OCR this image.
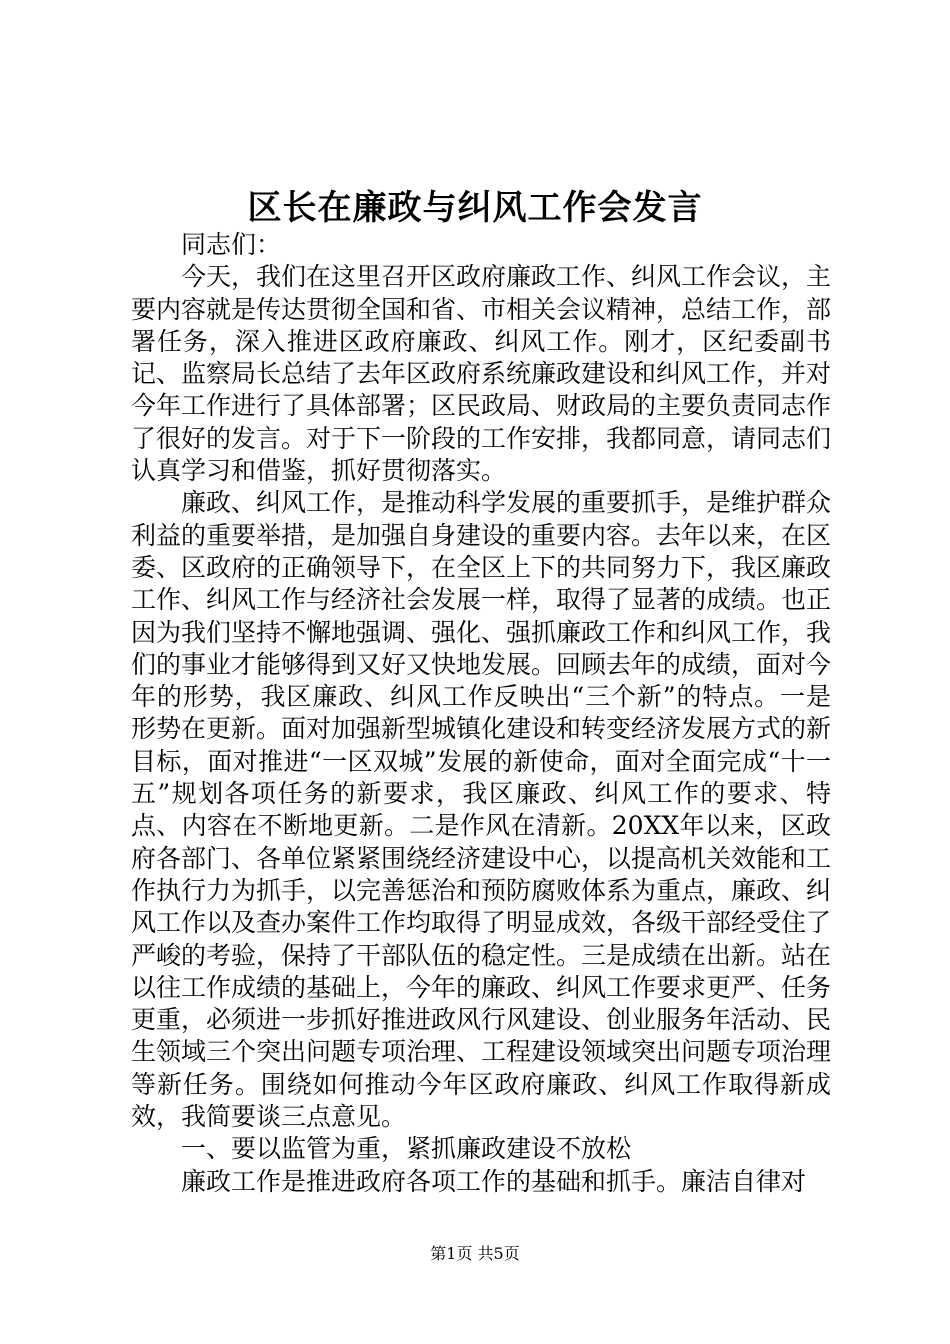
区长在廉政与纠风工作会发言

同志们：

今天，我们在这里召开区政府廉政工作、纠风工作会议，主要内容就是传达贯彻全国和省、市相关会议精神，总结工作，部署任务，深入推进区政府廉政、纠风工作。刚才，区纪委副书记、监察局长总结了去年区政府系统廉政建设和纠风工作，并对今年工作进行了具体部署；区民政局、财政局的主要负责同志作了很好的发言。对于下一阶段的工作安排，我都同意，请同志们认真学习和借鉴，抓好贯彻落实。

廉政、纠风工作，是推动科学发展的重要抓手，是维护群众利益的重要举措，是加强自身建设的重要内容。去年以来，在区委、区政府的正确领导下，在全区上下的共同努力下，我区廉政工作、纠风工作与经济社会发展一样，取得了显著的成绩。也正因为我们坚持不懈地强调、强化、强抓廉政工作和纠风工作，我们的事业才能够得到又好又快地发展。回顾去年的成绩，面对今年的形势，我区廉政、纠风工作反映出“三个新”的特点。一是形势在更新。面对加强新型城镇化建设和转变经济发展方式的新目标，面对推进“一区双城”发展的新使命，面对全面完成“十一五”规划各项任务的新要求，我区廉政、纠风工作的要求、特点、内容在不断地更新。二是作风在清新。20XX年以来，区政府各部门、各单位紧紧围绕经济建设中心，以提高机关效能和工作执行力为抓手，以完善惩治和预防腐败体系为重点，廉政、纠风工作以及查办案件工作均取得了明显成效，各级干部经受住了严峻的考验，保持了干部队伍的稳定性。三是成绩在出新。站在以往工作成绩的基础上，今年的廉政、纠风工作要求更严、任务更重，必须进一步抓好推进政风行风建设、创业服务年活动、民生领域三个突出问题专项治理、工程建设领域突出问题专项治理等新任务。围绕如何推动今年区政府廉政、纠风工作取得新成效，我简要谈三点意见。

一、要以监管为重，紧抓廉政建设不放松

廉政工作是推进政府各项工作的基础和抓手。廉洁自律对

第1页 共5页
